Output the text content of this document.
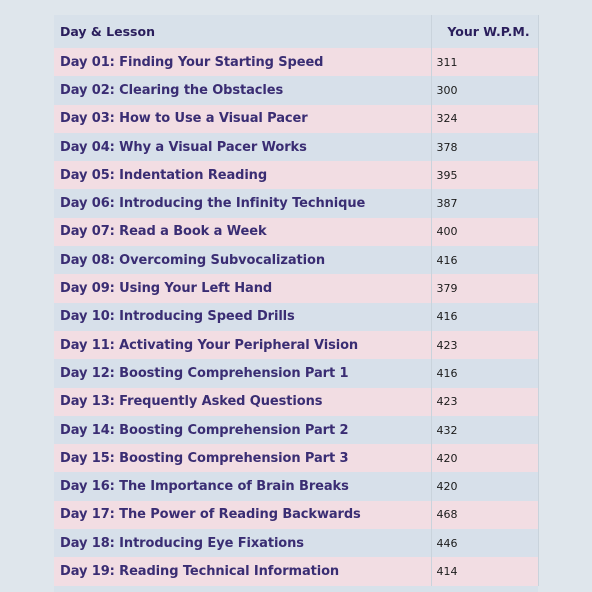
Day & Lesson	Your W.P.M.
Day 01: Finding Your Starting Speed	311
Day 02: Clearing the Obstacles	300
Day 03: How to Use a Visual Pacer	324
Day 04: Why a Visual Pacer Works	378
Day 05: Indentation Reading	395
Day 06: Introducing the Infinity Technique	387
Day 07: Read a Book a Week	400
Day 08: Overcoming Subvocalization	416
Day 09: Using Your Left Hand	379
Day 10: Introducing Speed Drills	416
Day 11: Activating Your Peripheral Vision	423
Day 12: Boosting Comprehension Part 1	416
Day 13: Frequently Asked Questions	423
Day 14: Boosting Comprehension Part 2	432
Day 15: Boosting Comprehension Part 3	420
Day 16: The Importance of Brain Breaks	420
Day 17: The Power of Reading Backwards	468
Day 18: Introducing Eye Fixations	446
Day 19: Reading Technical Information	414
